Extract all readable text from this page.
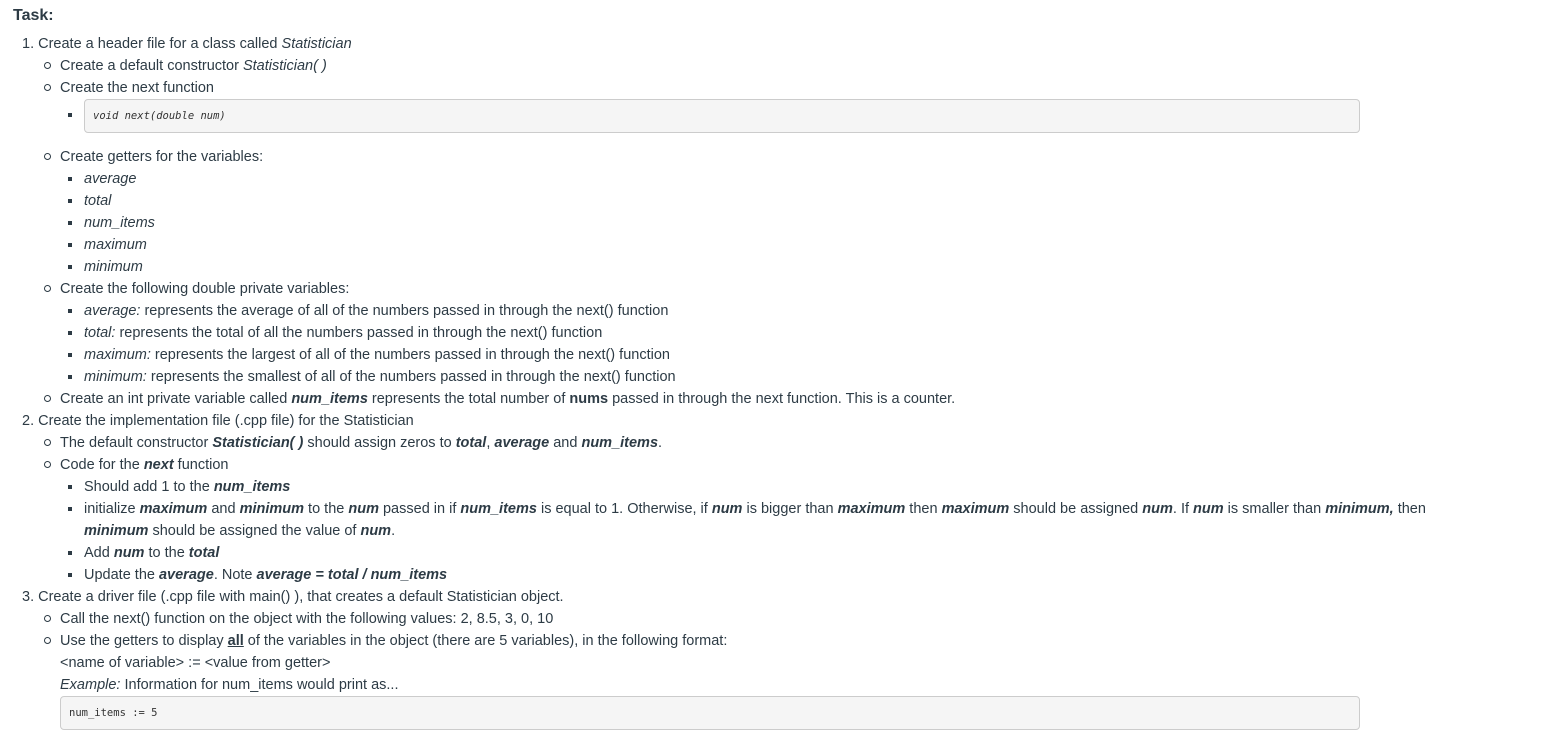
Task:
1. Create a header file for a class called Statistician
Create a default constructor Statistician( )
Create the next function
void next(double num)
Create getters for the variables:
average
total
num_items
maximum
minimum
Create the following double private variables:
average: represents the average of all of the numbers passed in through the next() function
total: represents the total of all the numbers passed in through the next() function
maximum: represents the largest of all of the numbers passed in through the next() function
minimum: represents the smallest of all of the numbers passed in through the next() function
Create an int private variable called num_items represents the total number of nums passed in through the next function. This is a counter.
2. Create the implementation file (.cpp file) for the Statistician
The default constructor Statistician( ) should assign zeros to total, average and num_items.
Code for the next function
Should add 1 to the num_items
initialize maximum and minimum to the num passed in if num_items is equal to 1. Otherwise, if num is bigger than maximum then maximum should be assigned num. If num is smaller than minimum, then
minimum should be assigned the value of num.
Add num to the total
Update the average. Note average = total / num_items
3. Create a driver file (.cpp file with main() ), that creates a default Statistician object.
Call the next() function on the object with the following values: 2, 8.5, 3, 0, 10
Use the getters to display all of the variables in the object (there are 5 variables), in the following format:
<name of variable> := <value from getter>
Example: Information for num_items would print as...
num_items := 5
